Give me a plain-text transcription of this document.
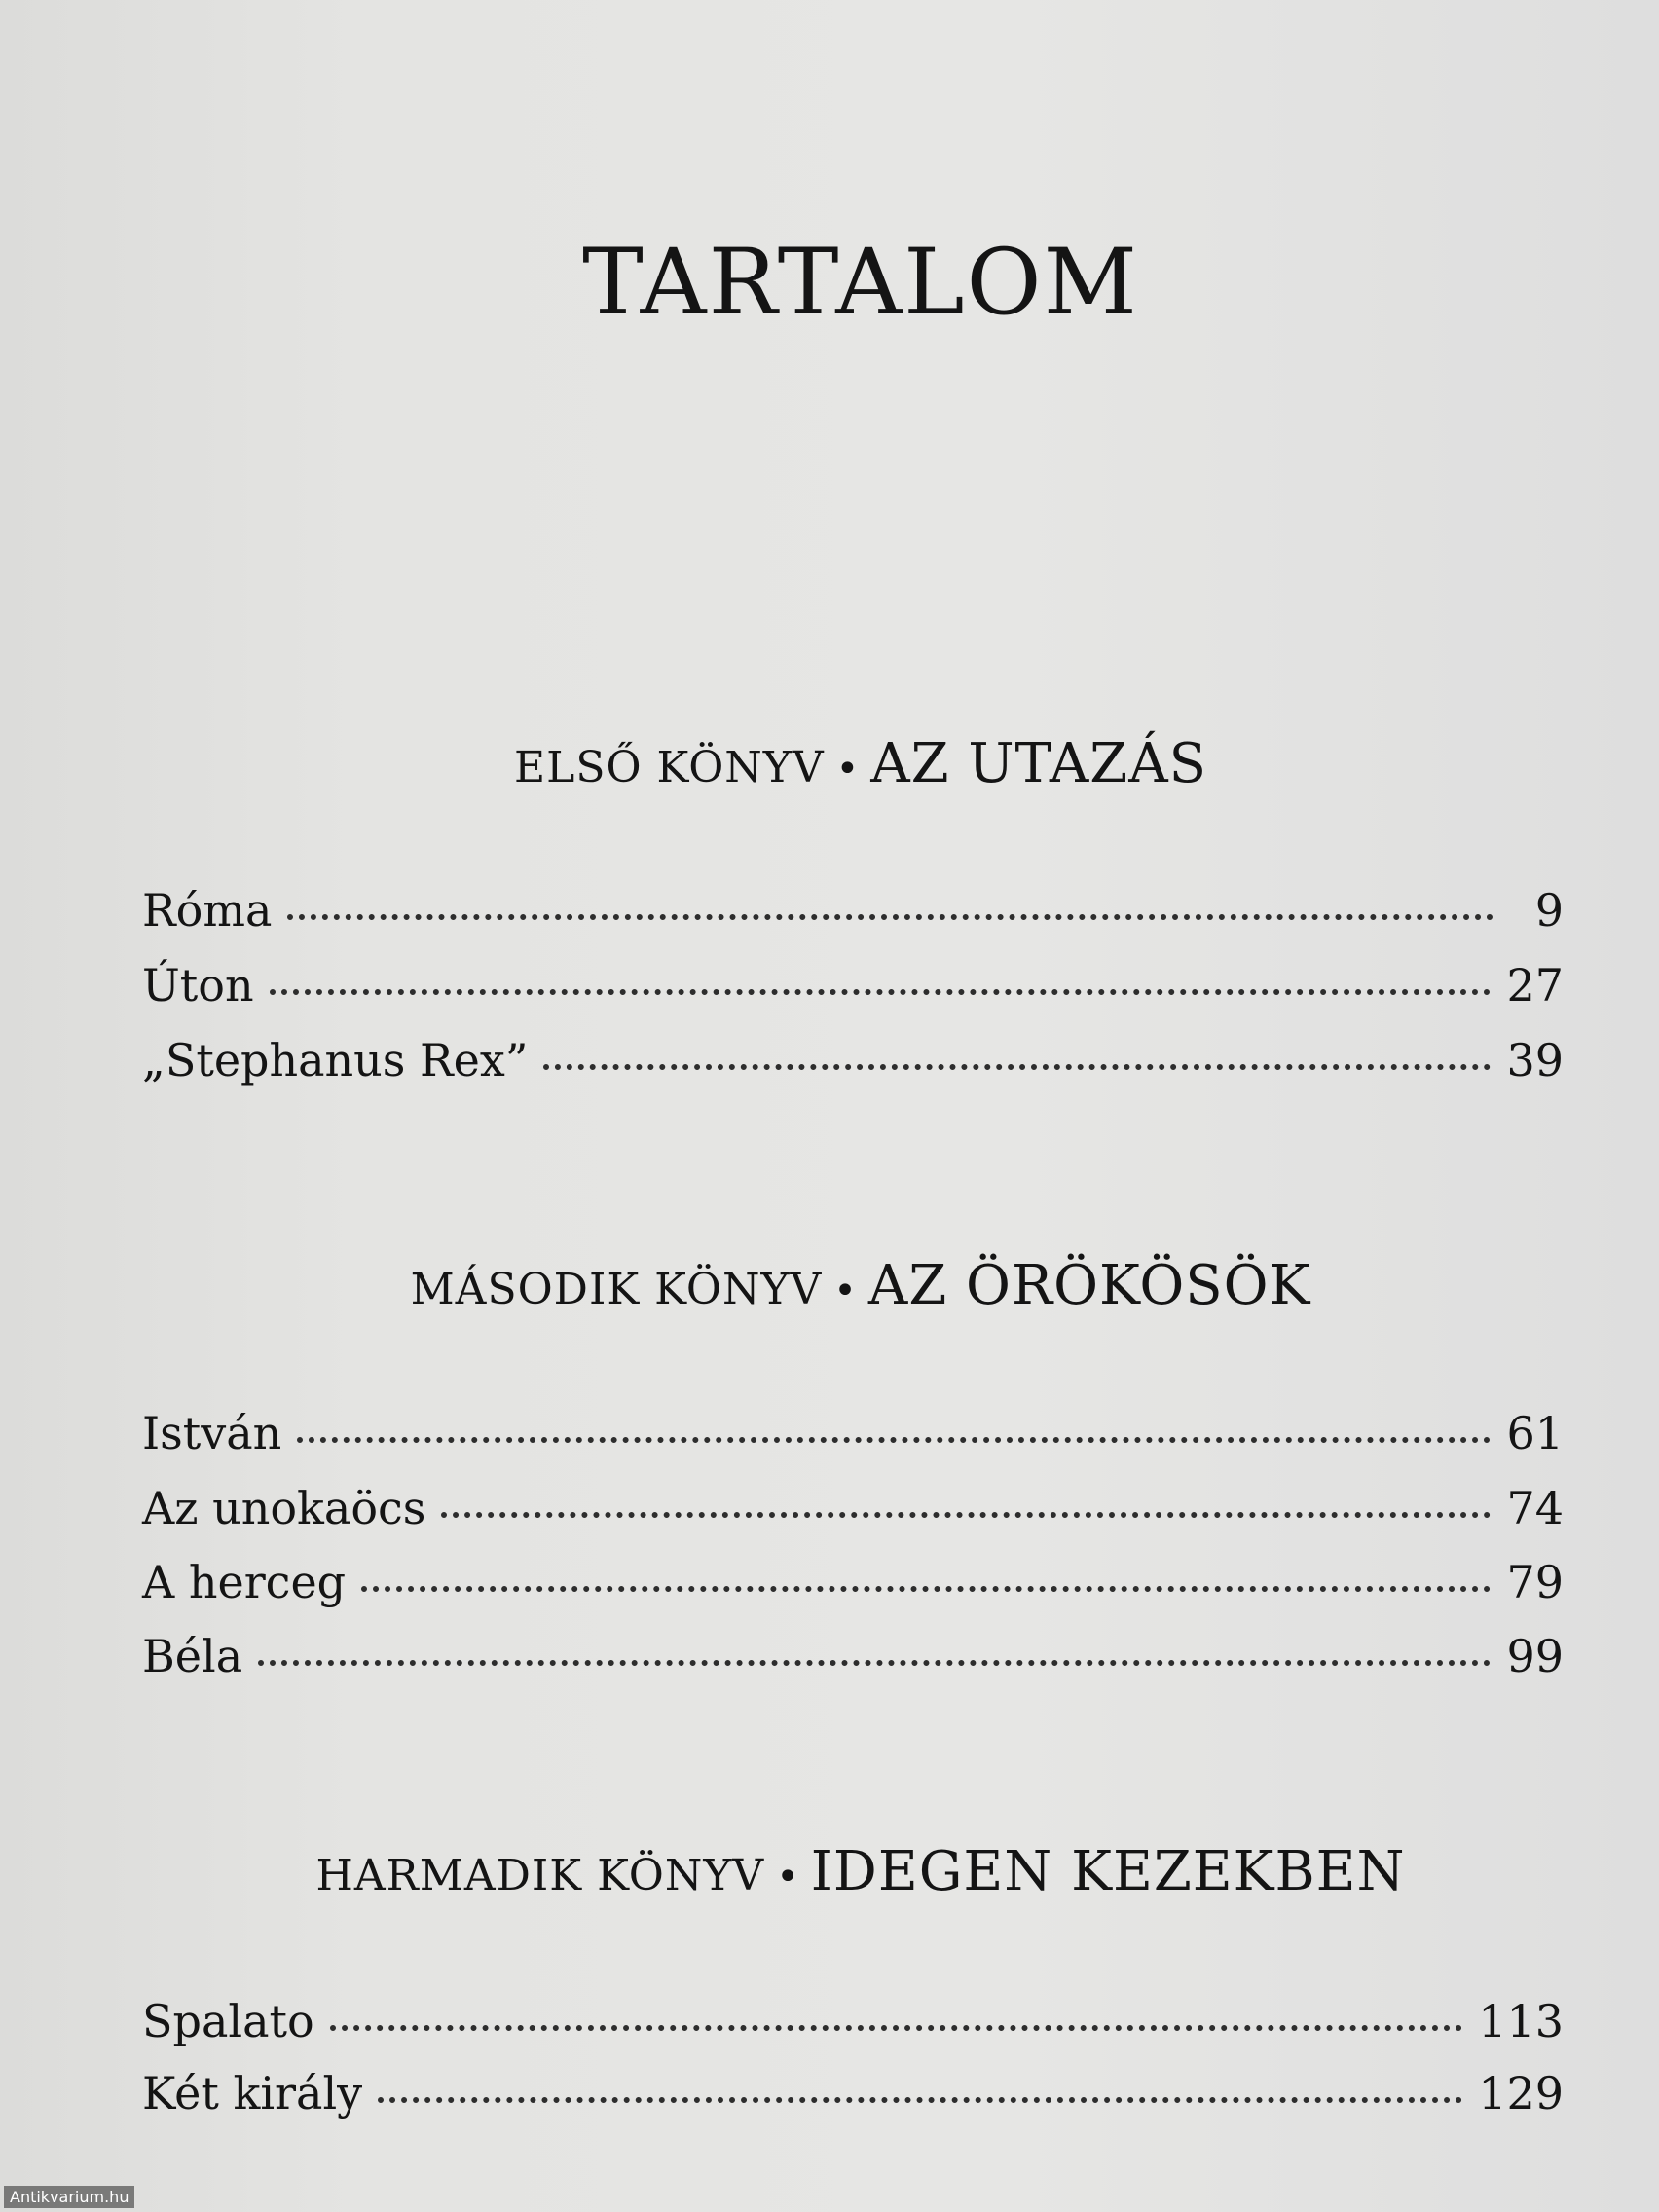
TARTALOM
ELSŐ KÖNYV • AZ UTAZÁS
Róma	9
Úton	27
„Stephanus Rex”	39
MÁSODIK KÖNYV • AZ ÖRÖKÖSÖK
István	61
Az unokaöcs	74
A herceg	79
Béla	99
HARMADIK KÖNYV • IDEGEN KEZEKBEN
Spalato	113
Két király	129
Antikvarium.hu
